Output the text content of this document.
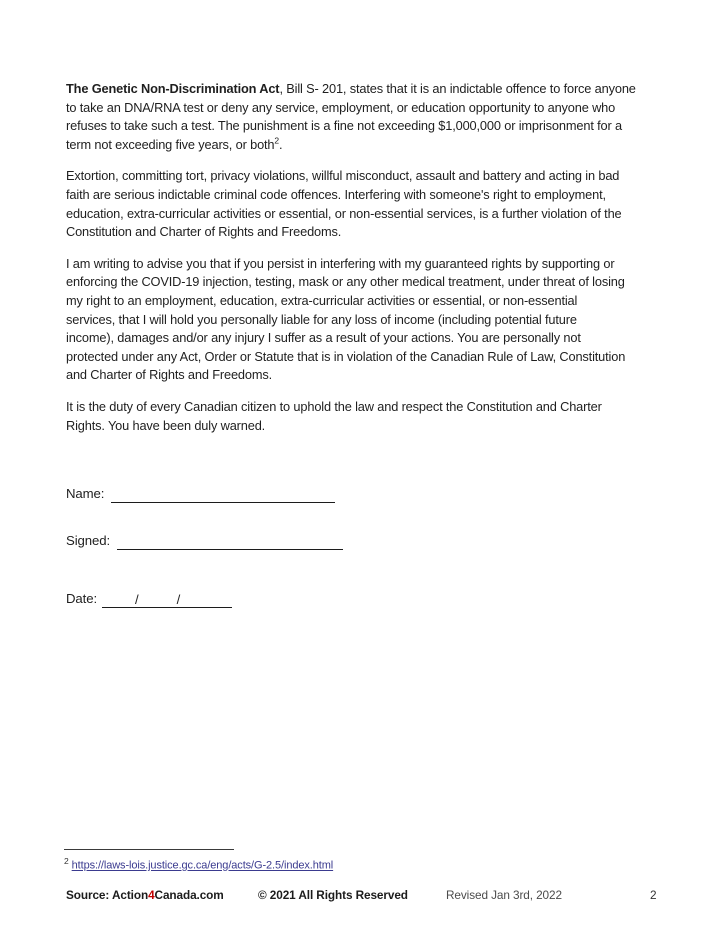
The Genetic Non-Discrimination Act, Bill S- 201, states that it is an indictable offence to force anyone
to take an DNA/RNA test or deny any service, employment, or education opportunity to anyone who
refuses to take such a test. The punishment is a fine not exceeding $1,000,000 or imprisonment for a
term not exceeding five years, or both$^2$.

Extortion, committing tort, privacy violations, willful misconduct, assault and battery and acting in bad
faith are serious indictable criminal code offences. Interfering with someone's right to employment,
education, extra-curricular activities or essential, or non-essential services, is a further violation of the
Constitution and Charter of Rights and Freedoms.

I am writing to advise you that if you persist in interfering with my guaranteed rights by supporting or
enforcing the COVID-19 injection, testing, mask or any other medical treatment, under threat of losing
my right to an employment, education, extra-curricular activities or essential, or non-essential
services, that I will hold you personally liable for any loss of income (including potential future
income), damages and/or any injury I suffer as a result of your actions. You are personally not
protected under any Act, Order or Statute that is in violation of the Canadian Rule of Law, Constitution
and Charter of Rights and Freedoms.

It is the duty of every Canadian citizen to uphold the law and respect the Constitution and Charter
Rights. You have been duly warned.

Name:
Signed:
Date:	/	/
$^2$ https://laws-lois.justice.gc.ca/eng/acts/G-2.5/index.html
Source: Action4Canada.com	© 2021 All Rights Reserved	Revised Jan 3rd, 2022	2
